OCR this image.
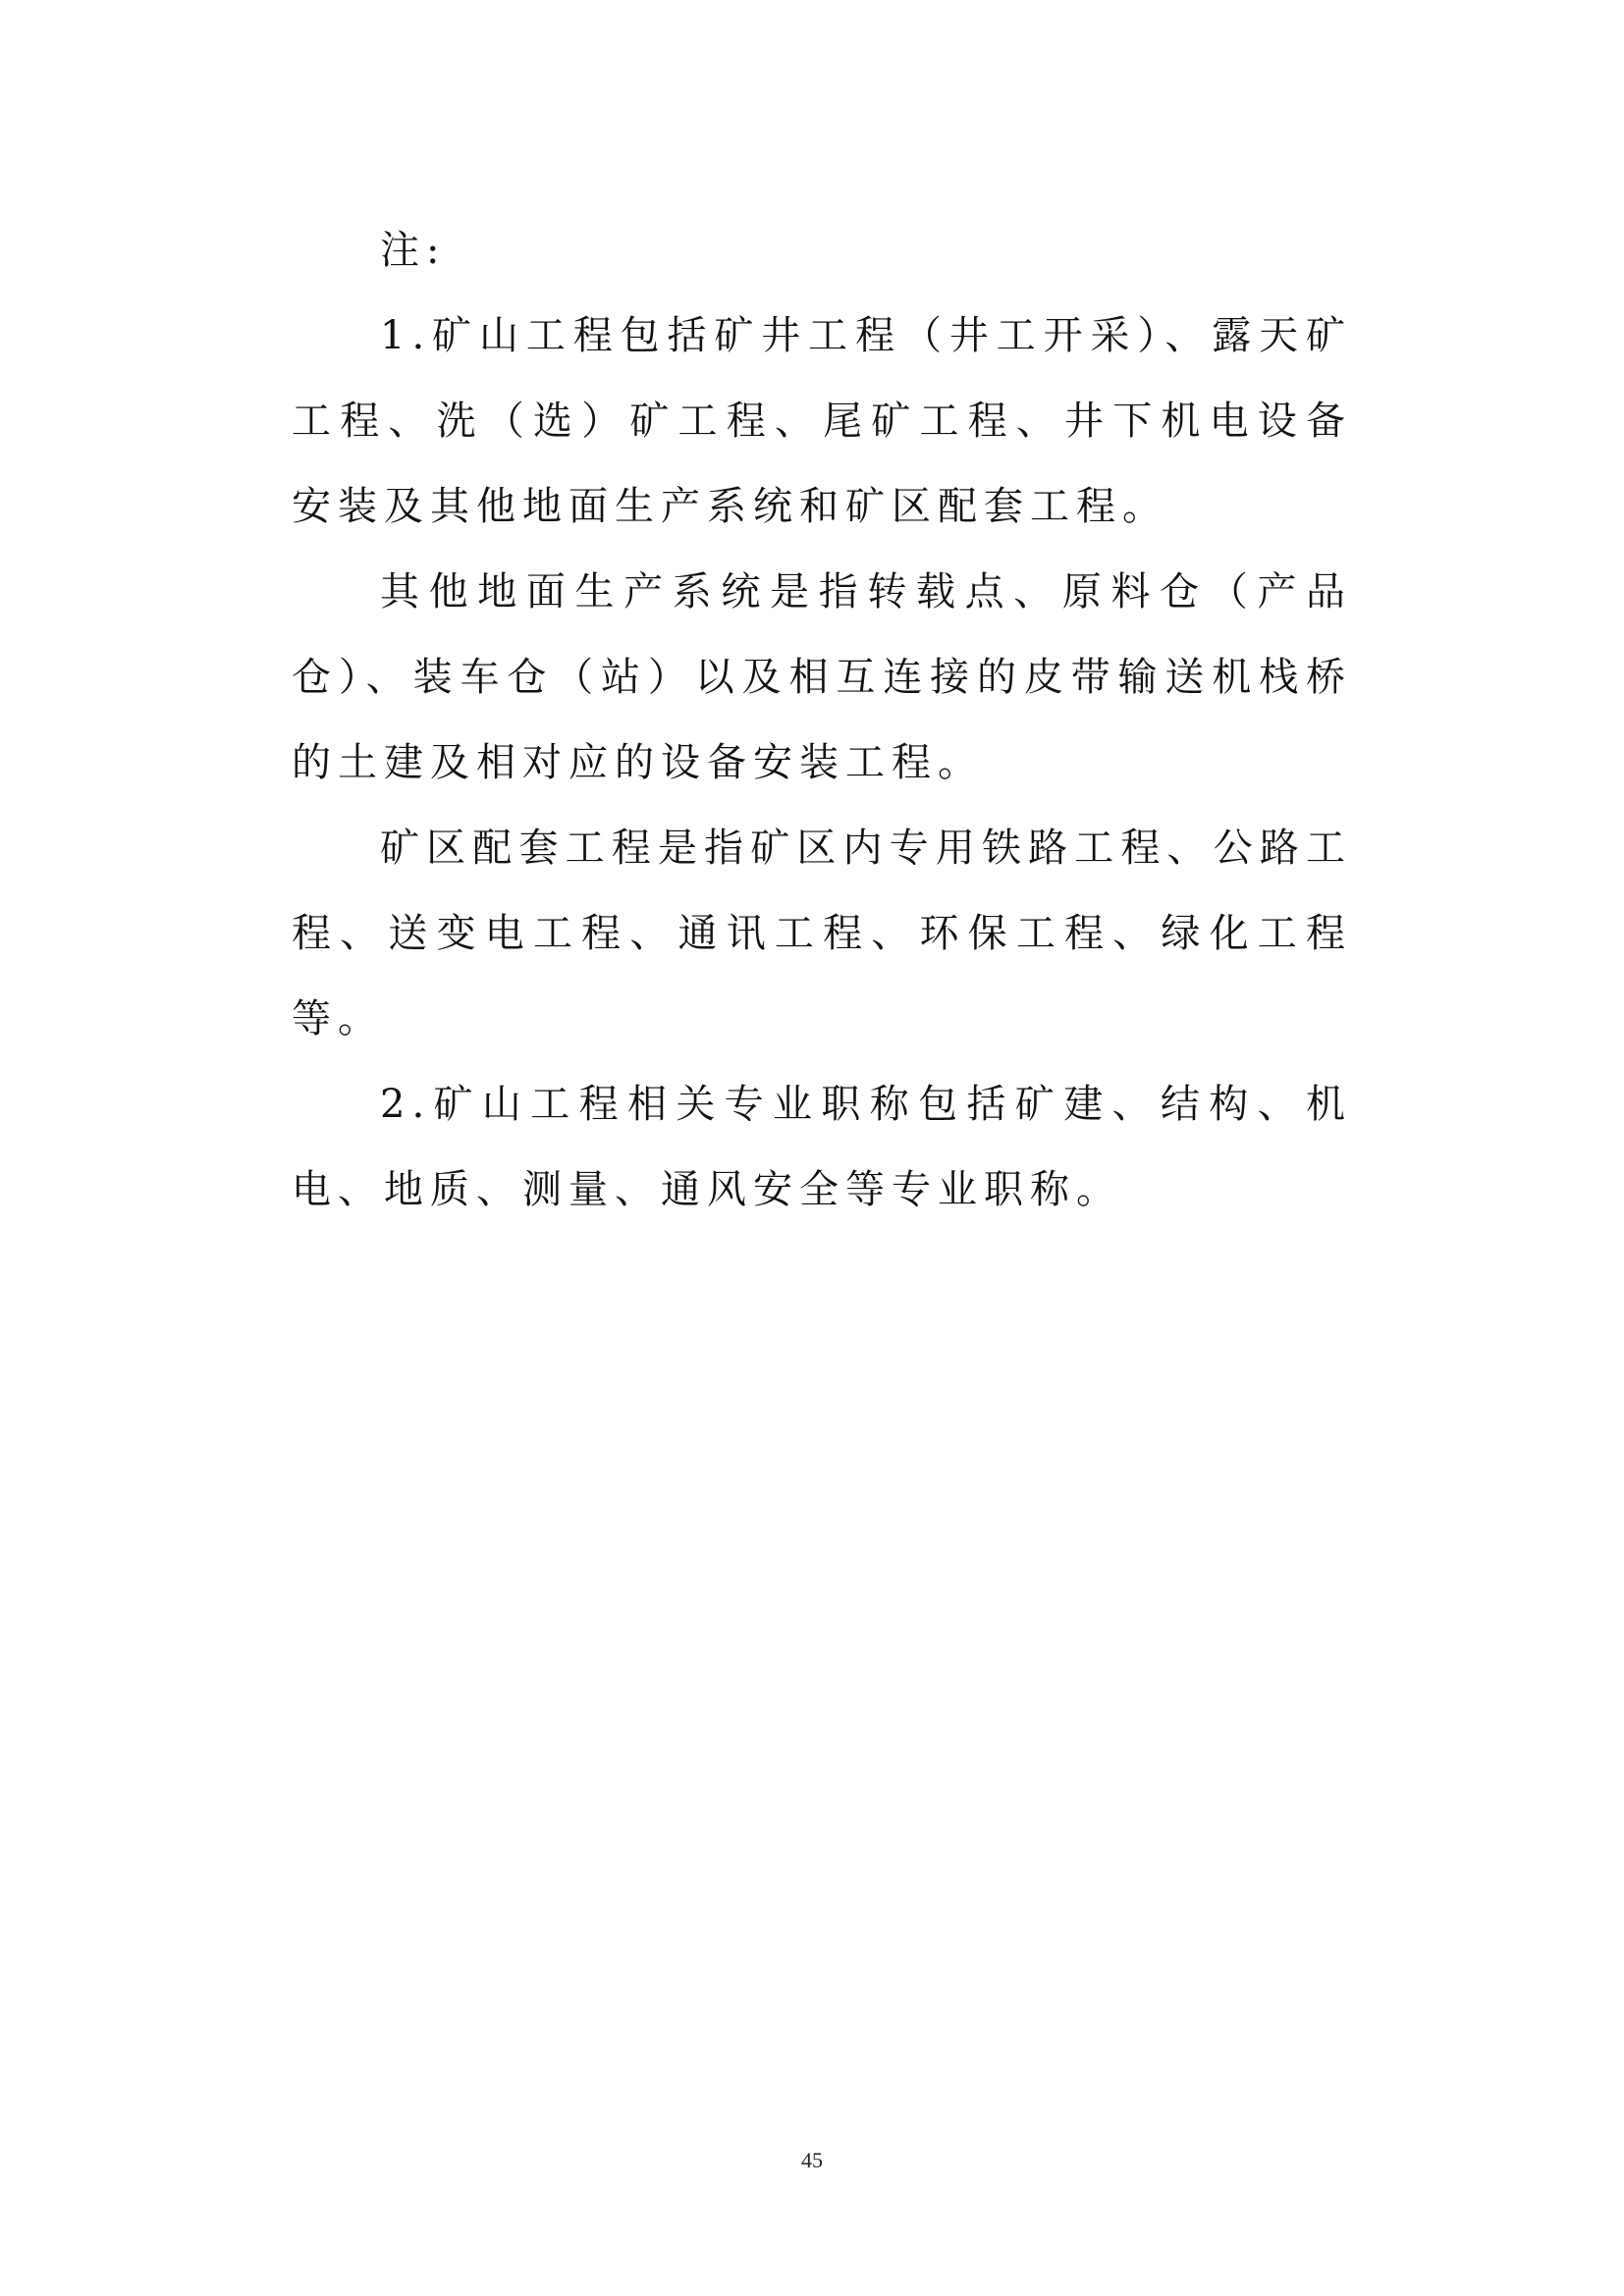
注:

1.矿山工程包括矿井工程（井工开采）、露天矿工程、洗（选）矿工程、尾矿工程、井下机电设备安装及其他地面生产系统和矿区配套工程。

其他地面生产系统是指转载点、原料仓（产品仓）、装车仓（站）以及相互连接的皮带输送机栈桥的土建及相对应的设备安装工程。

矿区配套工程是指矿区内专用铁路工程、公路工程、送变电工程、通讯工程、环保工程、绿化工程等。

2.矿山工程相关专业职称包括矿建、结构、机电、地质、测量、通风安全等专业职称。

45
